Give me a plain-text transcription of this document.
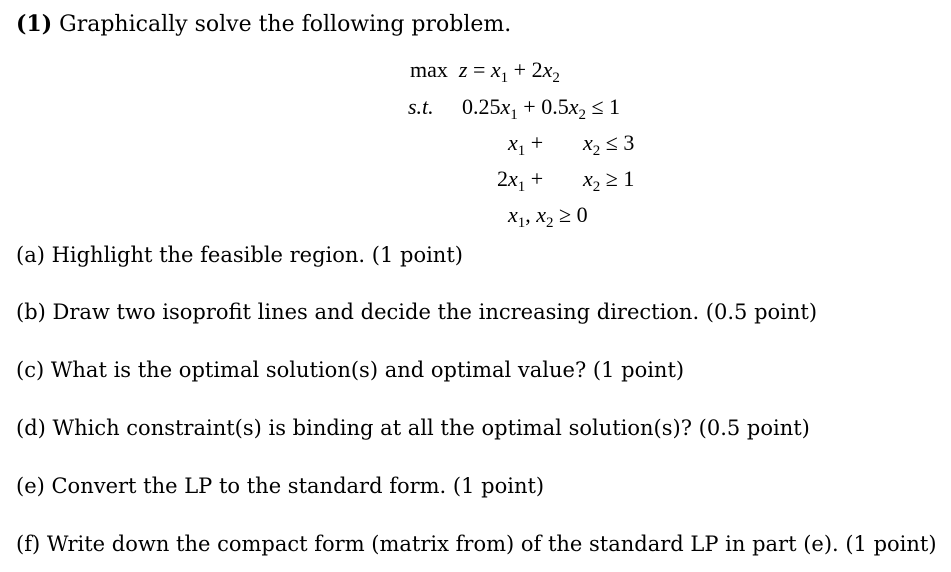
(1) Graphically solve the following problem.
$\max z = x_1 + 2x_2$
s.t. $0.25x_1 + 0.5x_2 \le 1$
$x_1 + x_2 \le 3$
$2x_1 + x_2 \ge 1$
$x_1$, $x_2 \ge 0$
(a) Highlight the feasible region. (1 point)
(b) Draw two isoprofit lines and decide the increasing direction. (0.5 point)
(c) What is the optimal solution(s) and optimal value? (1 point)
(d) Which constraint(s) is binding at all the optimal solution(s)? (0.5 point)
(e) Convert the LP to the standard form. (1 point)
(f) Write down the compact form (matrix from) of the standard LP in part (e). (1 point)
